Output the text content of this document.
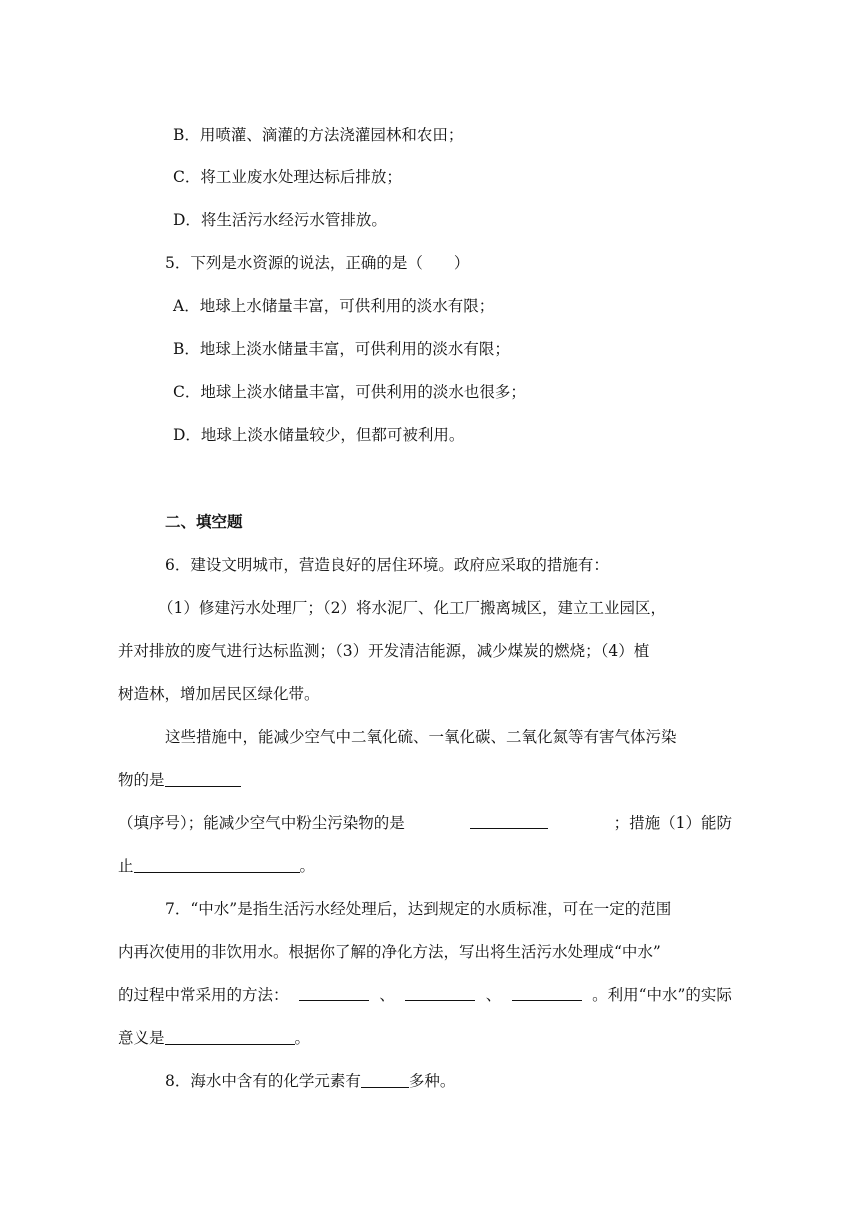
B．用喷灌、滴灌的方法浇灌园林和农田；
C．将工业废水处理达标后排放；
D．将生活污水经污水管排放。
5．下列是水资源的说法，正确的是（　　）
A．地球上水储量丰富，可供利用的淡水有限；
B．地球上淡水储量丰富，可供利用的淡水有限；
C．地球上淡水储量丰富，可供利用的淡水也很多；
D．地球上淡水储量较少，但都可被利用。
二、填空题
6．建设文明城市，营造良好的居住环境。政府应采取的措施有：
（1）修建污水处理厂；（2）将水泥厂、化工厂搬离城区，建立工业园区，
并对排放的废气进行达标监测；（3）开发清洁能源，减少煤炭的燃烧；（4）植
树造林，增加居民区绿化带。
这些措施中，能减少空气中二氧化硫、一氧化碳、二氧化氮等有害气体污染
物的是
（填序号）；能减少空气中粉尘污染物的是	；措施（1）能防
止	。
7．“中水”是指生活污水经处理后，达到规定的水质标准，可在一定的范围
内再次使用的非饮用水。根据你了解的净化方法，写出将生活污水处理成“中水”
的过程中常采用的方法：	、	、	。利用“中水”的实际
意义是	。
8．海水中含有的化学元素有	多种。
